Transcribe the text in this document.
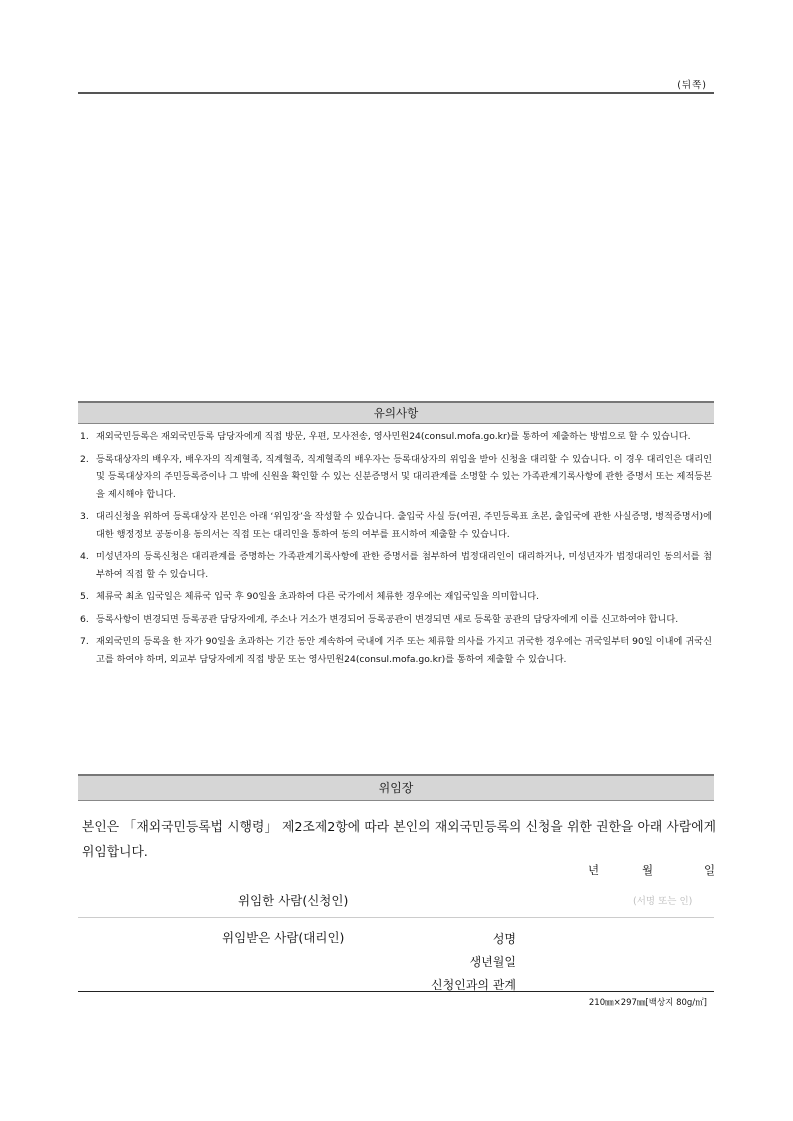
(뒤쪽)
유의사항
1. 재외국민등록은 재외국민등록 담당자에게 직접 방문, 우편, 모사전송, 영사민원24(consul.mofa.go.kr)를 통하여 제출하는 방법으로 할 수 있습니다.
2. 등록대상자의 배우자, 배우자의 직계혈족, 직계혈족, 직계혈족의 배우자는 등록대상자의 위임을 받아 신청을 대리할 수 있습니다. 이 경우 대리인은 대리인 및 등록대상자의 주민등록증이나 그 밖에 신원을 확인할 수 있는 신분증명서 및 대리관계를 소명할 수 있는 가족관계기록사항에 관한 증명서 또는 제적등본을 제시해야 합니다.
3. 대리신청을 위하여 등록대상자 본인은 아래 ‘위임장’을 작성할 수 있습니다. 출입국 사실 등(여권, 주민등록표 초본, 출입국에 관한 사실증명, 병적증명서)에 대한 행정정보 공동이용 동의서는 직접 또는 대리인을 통하여 동의 여부를 표시하여 제출할 수 있습니다.
4. 미성년자의 등록신청은 대리관계를 증명하는 가족관계기록사항에 관한 증명서를 첨부하여 법정대리인이 대리하거나, 미성년자가 법정대리인 동의서를 첨부하여 직접 할 수 있습니다.
5. 체류국 최초 입국일은 체류국 입국 후 90일을 초과하여 다른 국가에서 체류한 경우에는 재입국일을 의미합니다.
6. 등록사항이 변경되면 등록공관 담당자에게, 주소나 거소가 변경되어 등록공관이 변경되면 새로 등록할 공관의 담당자에게 이를 신고하여야 합니다.
7. 재외국민의 등록을 한 자가 90일을 초과하는 기간 동안 계속하여 국내에 거주 또는 체류할 의사를 가지고 귀국한 경우에는 귀국일부터 90일 이내에 귀국신고를 하여야 하며, 외교부 담당자에게 직접 방문 또는 영사민원24(consul.mofa.go.kr)를 통하여 제출할 수 있습니다.
위임장
본인은 「재외국민등록법 시행령」 제2조제2항에 따라 본인의 재외국민등록의 신청을 위한 권한을 아래 사람에게 위임합니다.
년	월	일
위임한 사람(신청인)	(서명 또는 인)
위임받은 사람(대리인)	성명
생년월일
신청인과의 관계
210㎜×297㎜[백상지 80g/㎡]
